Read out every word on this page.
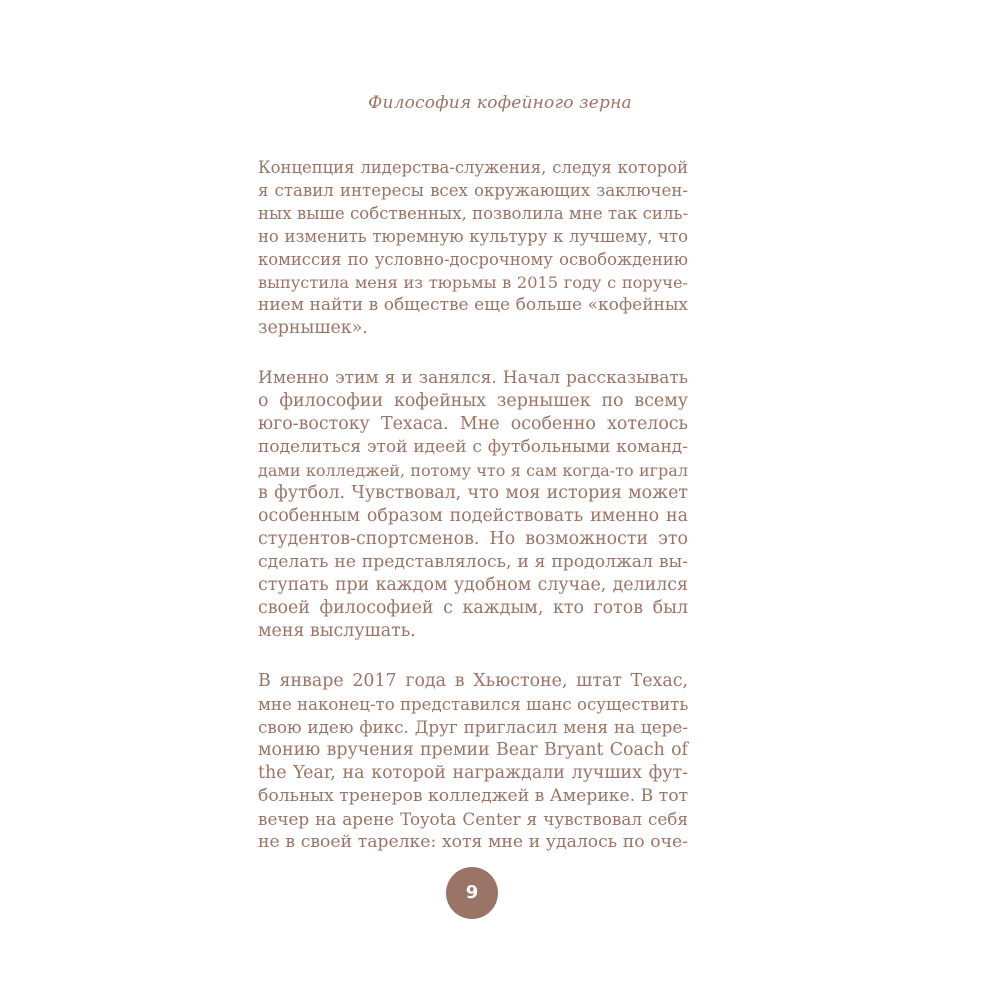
Философия кофейного зерна
Концепция лидерства-служения, следуя которой
я ставил интересы всех окружающих заключен-
ных выше собственных, позволила мне так силь-
но изменить тюремную культуру к лучшему, что
комиссия по условно-досрочному освобождению
выпустила меня из тюрьмы в 2015 году с поруче-
нием найти в обществе еще больше «кофейных
зернышек».
Именно этим я и занялся. Начал рассказывать
о философии кофейных зернышек по всему
юго-востоку Техаса. Мне особенно хотелось
поделиться этой идеей с футбольными команд-
дами колледжей, потому что я сам когда-то играл
в футбол. Чувствовал, что моя история может
особенным образом подействовать именно на
студентов-спортсменов. Но возможности это
сделать не представлялось, и я продолжал вы-
ступать при каждом удобном случае, делился
своей философией с каждым, кто готов был
меня выслушать.
В январе 2017 года в Хьюстоне, штат Техас,
мне наконец-то представился шанс осуществить
свою идею фикс. Друг пригласил меня на цере-
монию вручения премии Bear Bryant Coach of
the Year, на которой награждали лучших фут-
больных тренеров колледжей в Америке. В тот
вечер на арене Toyota Center я чувствовал себя
не в своей тарелке: хотя мне и удалось по оче-
9
